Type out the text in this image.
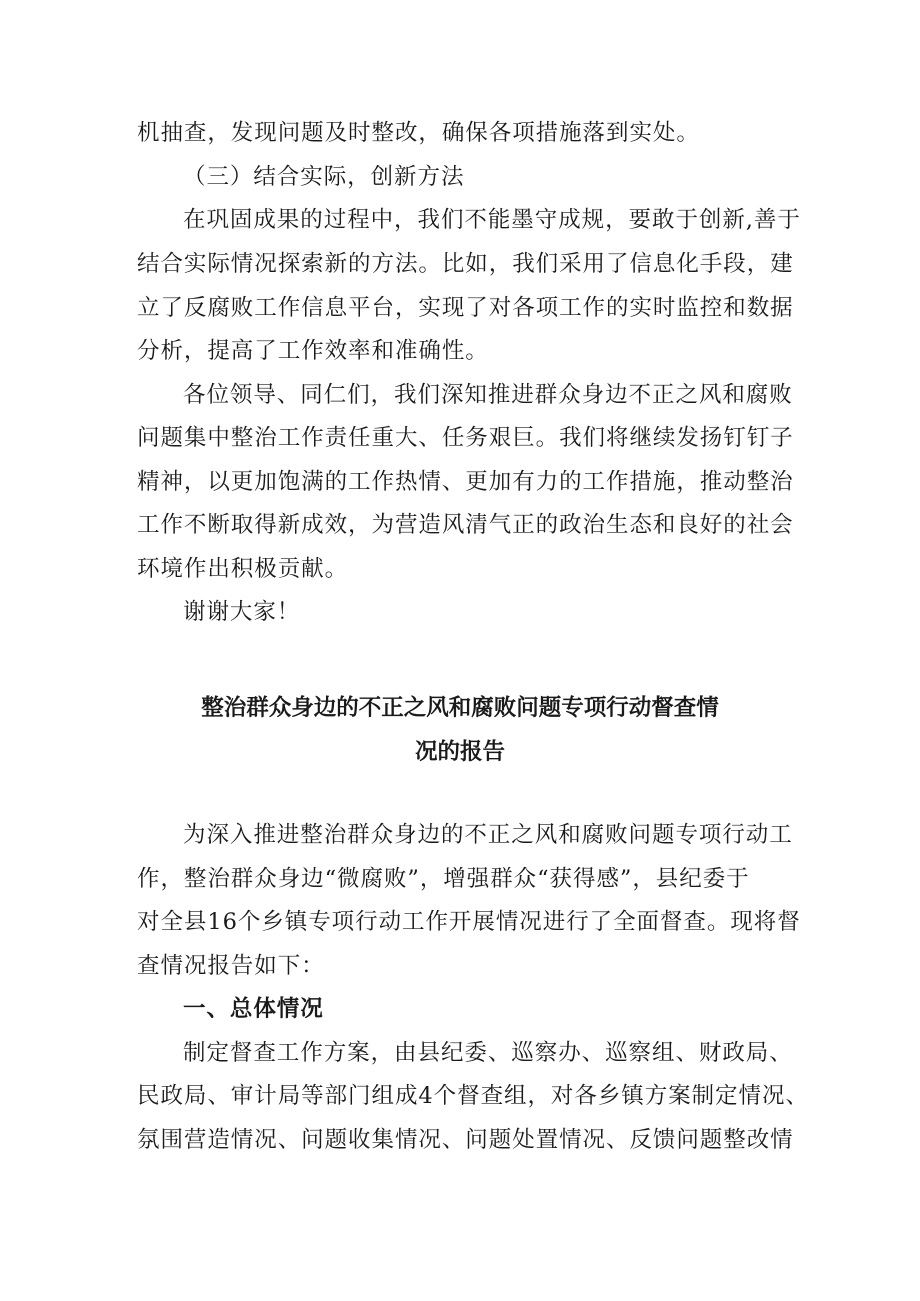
机抽查，发现问题及时整改，确保各项措施落到实处。

（三）结合实际，创新方法

在巩固成果的过程中，我们不能墨守成规，要敢于创新,善于

结合实际情况探索新的方法。比如，我们采用了信息化手段，建

立了反腐败工作信息平台，实现了对各项工作的实时监控和数据

分析，提高了工作效率和准确性。

各位领导、同仁们，我们深知推进群众身边不正之风和腐败

问题集中整治工作责任重大、任务艰巨。我们将继续发扬钉钉子

精神，以更加饱满的工作热情、更加有力的工作措施，推动整治

工作不断取得新成效，为营造风清气正的政治生态和良好的社会

环境作出积极贡献。

谢谢大家！

整治群众身边的不正之风和腐败问题专项行动督查情
况的报告

为深入推进整治群众身边的不正之风和腐败问题专项行动工

作，整治群众身边“微腐败”，增强群众“获得感”，县纪委于

对全县16个乡镇专项行动工作开展情况进行了全面督查。现将督

查情况报告如下：

一、总体情况

制定督查工作方案，由县纪委、巡察办、巡察组、财政局、

民政局、审计局等部门组成4个督查组，对各乡镇方案制定情况、

氛围营造情况、问题收集情况、问题处置情况、反馈问题整改情
